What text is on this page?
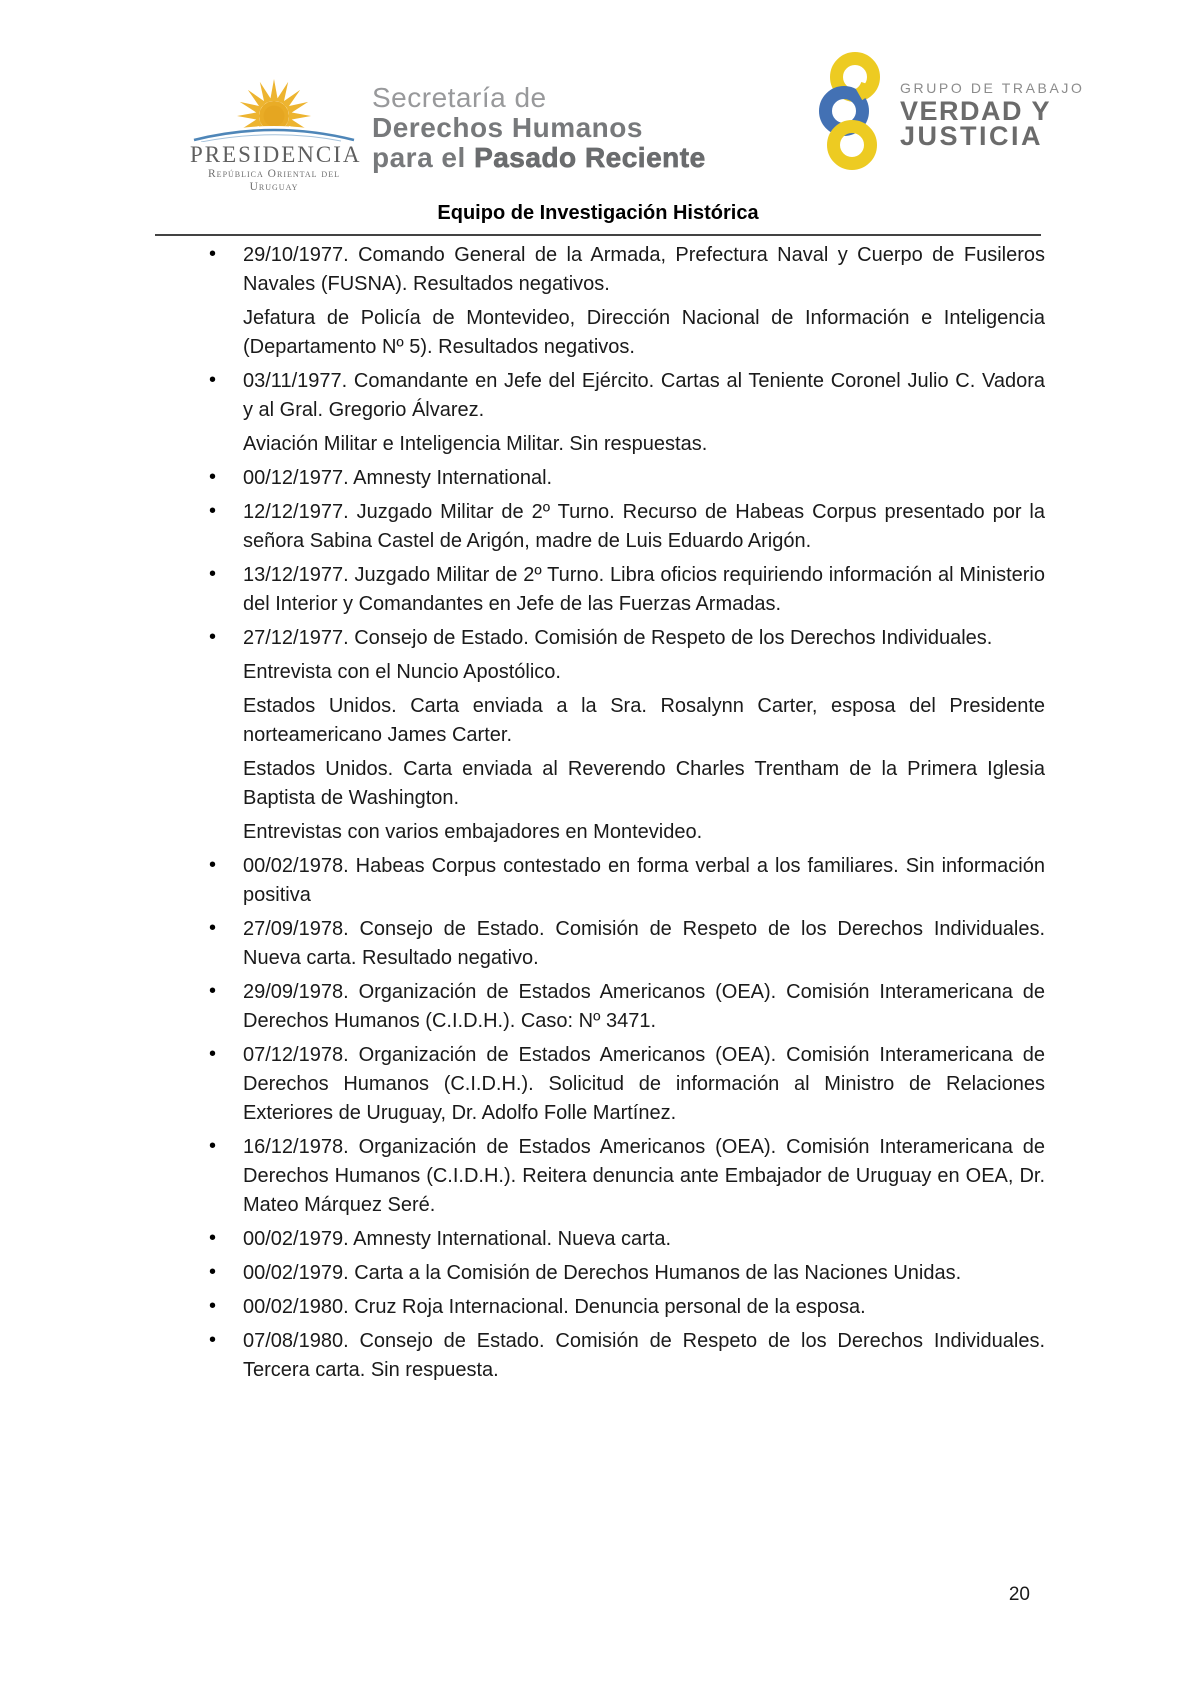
PRESIDENCIA
República Oriental del Uruguay
Secretaría de
Derechos Humanos
para el Pasado Reciente
GRUPO DE TRABAJO
VERDAD Y
JUSTICIA
Equipo de Investigación Histórica
• 29/10/1977. Comando General de la Armada, Prefectura Naval y Cuerpo de Fusileros Navales (FUSNA). Resultados negativos.
Jefatura de Policía de Montevideo, Dirección Nacional de Información e Inteligencia (Departamento Nº 5). Resultados negativos.
• 03/11/1977. Comandante en Jefe del Ejército. Cartas al Teniente Coronel Julio C. Vadora y al Gral. Gregorio Álvarez.
Aviación Militar e Inteligencia Militar. Sin respuestas.
• 00/12/1977. Amnesty International.
• 12/12/1977. Juzgado Militar de 2º Turno. Recurso de Habeas Corpus presentado por la señora Sabina Castel de Arigón, madre de Luis Eduardo Arigón.
• 13/12/1977. Juzgado Militar de 2º Turno. Libra oficios requiriendo información al Ministerio del Interior y Comandantes en Jefe de las Fuerzas Armadas.
• 27/12/1977. Consejo de Estado. Comisión de Respeto de los Derechos Individuales.
Entrevista con el Nuncio Apostólico.
Estados Unidos. Carta enviada a la Sra. Rosalynn Carter, esposa del Presidente norteamericano James Carter.
Estados Unidos. Carta enviada al Reverendo Charles Trentham de la Primera Iglesia Baptista de Washington.
Entrevistas con varios embajadores en Montevideo.
• 00/02/1978. Habeas Corpus contestado en forma verbal a los familiares. Sin información positiva
• 27/09/1978. Consejo de Estado. Comisión de Respeto de los Derechos Individuales. Nueva carta. Resultado negativo.
• 29/09/1978. Organización de Estados Americanos (OEA). Comisión Interamericana de Derechos Humanos (C.I.D.H.). Caso: Nº 3471.
• 07/12/1978. Organización de Estados Americanos (OEA). Comisión Interamericana de Derechos Humanos (C.I.D.H.). Solicitud de información al Ministro de Relaciones Exteriores de Uruguay, Dr. Adolfo Folle Martínez.
• 16/12/1978. Organización de Estados Americanos (OEA). Comisión Interamericana de Derechos Humanos (C.I.D.H.). Reitera denuncia ante Embajador de Uruguay en OEA, Dr. Mateo Márquez Seré.
• 00/02/1979. Amnesty International. Nueva carta.
• 00/02/1979. Carta a la Comisión de Derechos Humanos de las Naciones Unidas.
• 00/02/1980. Cruz Roja Internacional. Denuncia personal de la esposa.
• 07/08/1980. Consejo de Estado. Comisión de Respeto de los Derechos Individuales. Tercera carta. Sin respuesta.
20
